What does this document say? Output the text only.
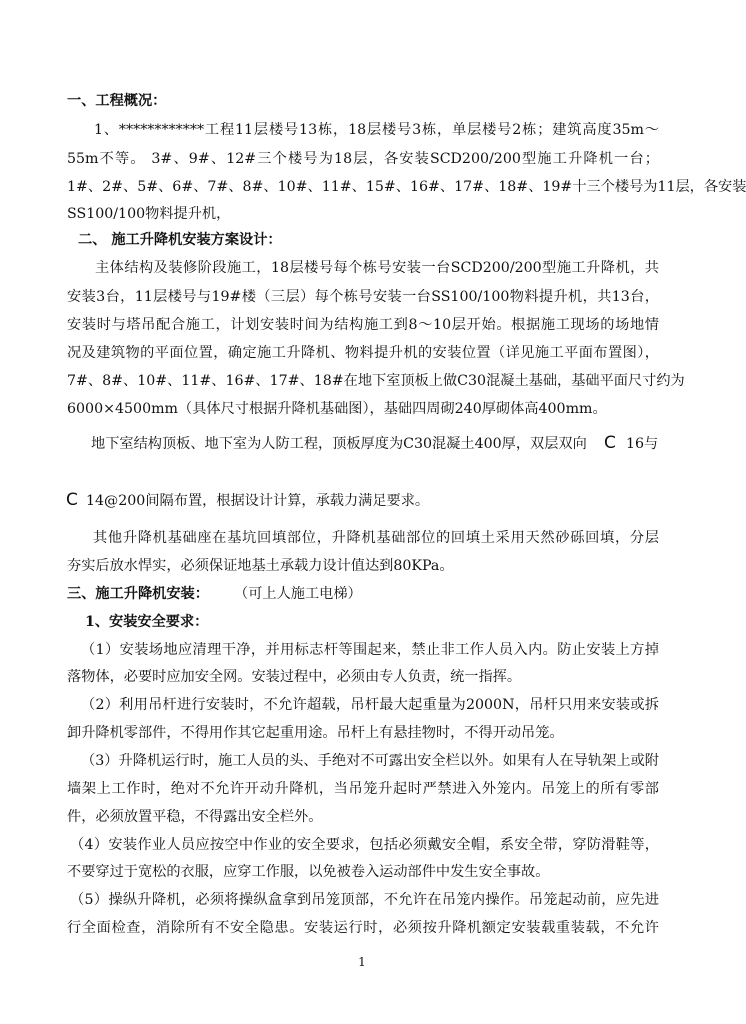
一、工程概况：
1、************工程11层楼号13栋，18层楼号3栋，单层楼号2栋；建筑高度35m～
55m不等。 3#、9#、12#三个楼号为18层，各安装SCD200/200型施工升降机一台；
1#、2#、5#、6#、7#、8#、10#、11#、15#、16#、17#、18#、19#十三个楼号为11层，各安装
SS100/100物料提升机，
二、 施工升降机安装方案设计：
主体结构及装修阶段施工，18层楼号每个栋号安装一台SCD200/200型施工升降机，共
安装3台，11层楼号与19#楼（三层）每个栋号安装一台SS100/100物料提升机，共13台，
安装时与塔吊配合施工，计划安装时间为结构施工到8～10层开始。根据施工现场的场地情
况及建筑物的平面位置，确定施工升降机、物料提升机的安装位置（详见施工平面布置图），
7#、8#、10#、11#、16#、17#、18#在地下室顶板上做C30混凝土基础，基础平面尺寸约为
6000×4500mm（具体尺寸根据升降机基础图），基础四周砌240厚砌体高400mm。
地下室结构顶板、地下室为人防工程，顶板厚度为C30混凝土400厚，双层双向 C 16与
C 14@200间隔布置，根据设计计算，承载力满足要求。
其他升降机基础座在基坑回填部位，升降机基础部位的回填土采用天然砂砾回填，分层
夯实后放水悍实，必须保证地基土承载力设计值达到80KPa。
三、施工升降机安装：	（可上人施工电梯）
1、安装安全要求：
（1）安装场地应清理干净，并用标志杆等围起来，禁止非工作人员入内。防止安装上方掉
落物体，必要时应加安全网。安装过程中，必须由专人负责，统一指挥。
（2）利用吊杆进行安装时，不允许超载，吊杆最大起重量为2000N，吊杆只用来安装或拆
卸升降机零部件，不得用作其它起重用途。吊杆上有悬挂物时，不得开动吊笼。
（3）升降机运行时，施工人员的头、手绝对不可露出安全栏以外。如果有人在导轨架上或附
墙架上工作时，绝对不允许开动升降机，当吊笼升起时严禁进入外笼内。吊笼上的所有零部
件，必须放置平稳，不得露出安全栏外。
（4）安装作业人员应按空中作业的安全要求，包括必须戴安全帽，系安全带，穿防滑鞋等，
不要穿过于宽松的衣服，应穿工作服，以免被卷入运动部件中发生安全事故。
（5）操纵升降机，必须将操纵盒拿到吊笼顶部，不允许在吊笼内操作。吊笼起动前，应先进
行全面检查，消除所有不安全隐患。安装运行时，必须按升降机额定安装载重装载，不允许
1
